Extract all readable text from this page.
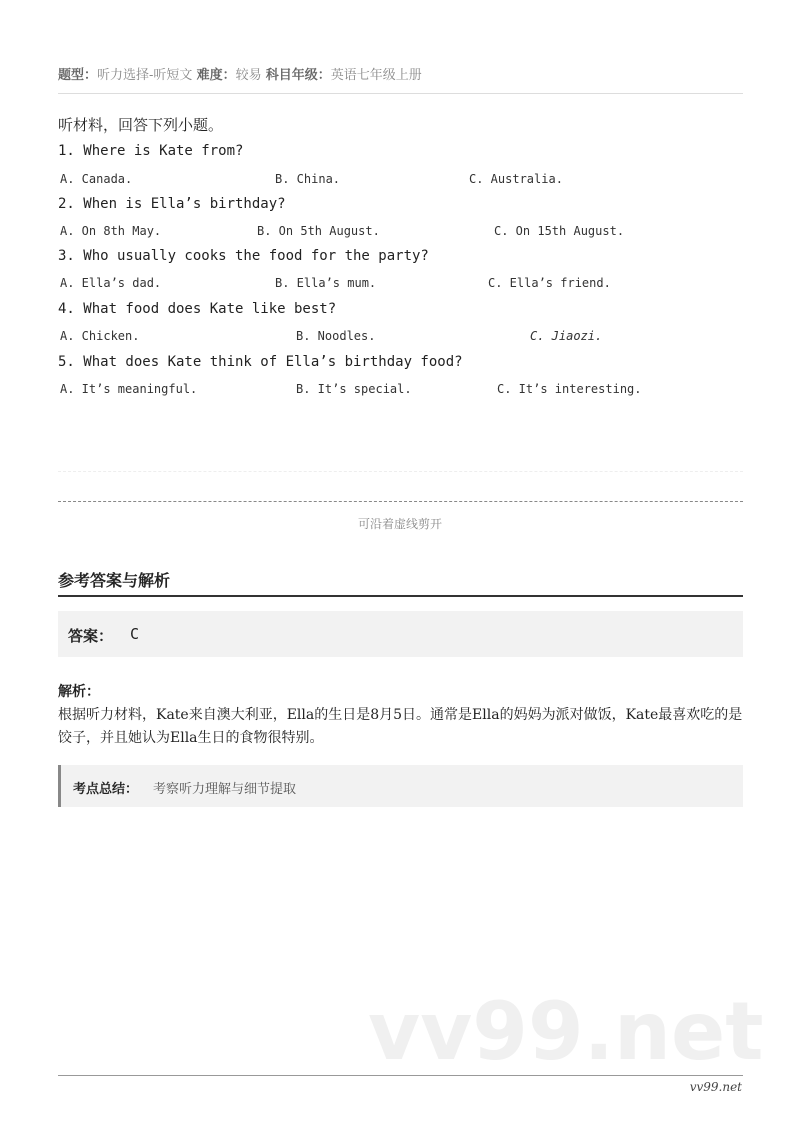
题型：听力选择-听短文 难度：较易 科目年级：英语七年级上册
听材料，回答下列小题。
1. Where is Kate from?
A. Canada.	B. China.	C. Australia.
2. When is Ella’s birthday?
A. On 8th May.	B. On 5th August.	C. On 15th August.
3. Who usually cooks the food for the party?
A. Ella’s dad.	B. Ella’s mum.	C. Ella’s friend.
4. What food does Kate like best?
A. Chicken.	B. Noodles.	C. Jiaozi.
5. What does Kate think of Ella’s birthday food?
A. It’s meaningful.	B. It’s special.	C. It’s interesting.
可沿着虚线剪开
参考答案与解析
答案： C
解析：
根据听力材料，Kate来自澳大利亚，Ella的生日是8月5日。通常是Ella的妈妈为派对做饭，Kate最喜欢吃的是饺子，并且她认为Ella生日的食物很特别。
考点总结： 考察听力理解与细节提取
vv99.net
vv99.net
